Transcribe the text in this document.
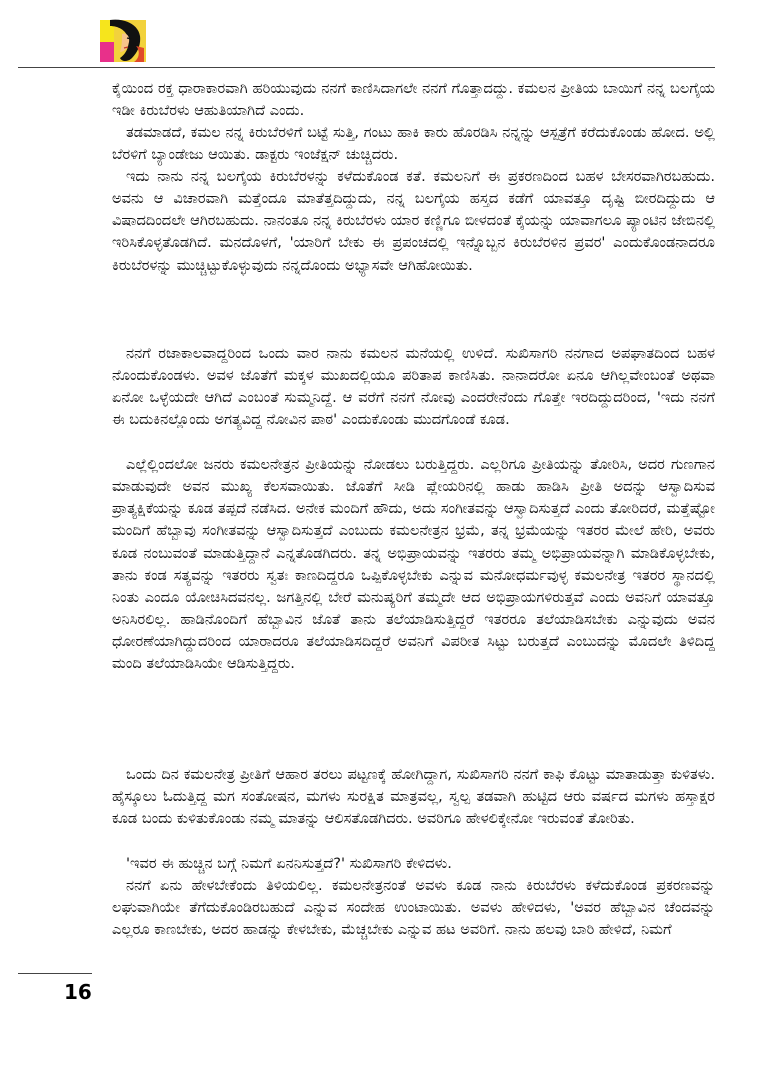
ಕೈಯಿಂದ ರಕ್ತ ಧಾರಾಕಾರವಾಗಿ ಹರಿಯುವುದು ನನಗೆ ಕಾಣಿಸಿದಾಗಲೇ ನನಗೆ ಗೊತ್ತಾದದ್ದು. ಕಮಲನ ಪ್ರೀತಿಯ ಬಾಯಿಗೆ ನನ್ನ ಬಲಗೈಯ ಇಡೀ ಕಿರುಬೆರಳು ಆಹುತಿಯಾಗಿದೆ ಎಂದು.

ತಡಮಾಡದೆ, ಕಮಲ ನನ್ನ ಕಿರುಬೆರಳಿಗೆ ಬಟ್ಟೆ ಸುತ್ತಿ, ಗಂಟು ಹಾಕಿ ಕಾರು ಹೊರಡಿಸಿ ನನ್ನನ್ನು ಆಸ್ಪತ್ರೆಗೆ ಕರೆದುಕೊಂಡು ಹೋದ. ಅಲ್ಲಿ ಬೆರಳಿಗೆ ಬ್ಯಾಂಡೇಜು ಆಯಿತು. ಡಾಕ್ಟರು ಇಂಜೆಕ್ಷನ್ ಚುಚ್ಚಿದರು.

ಇದು ನಾನು ನನ್ನ ಬಲಗೈಯ ಕಿರುಬೆರಳನ್ನು ಕಳೆದುಕೊಂಡ ಕತೆ. ಕಮಲನಿಗೆ ಈ ಪ್ರಕರಣದಿಂದ ಬಹಳ ಬೇಸರವಾಗಿರಬಹುದು. ಅವನು ಆ ವಿಚಾರವಾಗಿ ಮತ್ತೆಂದೂ ಮಾತೆತ್ತದಿದ್ದುದು, ನನ್ನ ಬಲಗೈಯ ಹಸ್ತದ ಕಡೆಗೆ ಯಾವತ್ತೂ ದೃಷ್ಟಿ ಬೀರದಿದ್ದುದು ಆ ವಿಷಾದದಿಂದಲೇ ಆಗಿರಬಹುದು. ನಾನಂತೂ ನನ್ನ ಕಿರುಬೆರಳು ಯಾರ ಕಣ್ಣಿಗೂ ಬೀಳದಂತೆ ಕೈಯನ್ನು ಯಾವಾಗಲೂ ಪ್ಯಾಂಟಿನ ಜೇಬಿನಲ್ಲಿ ಇರಿಸಿಕೊಳ್ಳತೊಡಗಿದೆ. ಮನದೊಳಗೆ, 'ಯಾರಿಗೆ ಬೇಕು ಈ ಪ್ರಪಂಚದಲ್ಲಿ ಇನ್ನೊಬ್ಬನ ಕಿರುಬೆರಳಿನ ಪ್ರವರ' ಎಂದುಕೊಂಡನಾದರೂ ಕಿರುಬೆರಳನ್ನು ಮುಚ್ಚಿಟ್ಟುಕೊಳ್ಳುವುದು ನನ್ನದೊಂದು ಅಭ್ಯಾಸವೇ ಆಗಿಹೋಯಿತು.

ನನಗೆ ರಜಾಕಾಲವಾದ್ದರಿಂದ ಒಂದು ವಾರ ನಾನು ಕಮಲನ ಮನೆಯಲ್ಲಿ ಉಳಿದೆ. ಸುಖಿಸಾಗರಿ ನನಗಾದ ಅಪಘಾತದಿಂದ ಬಹಳ ನೊಂದುಕೊಂಡಳು. ಅವಳ ಜೊತೆಗೆ ಮಕ್ಕಳ ಮುಖದಲ್ಲಿಯೂ ಪರಿತಾಪ ಕಾಣಿಸಿತು. ನಾನಾದರೋ ಏನೂ ಆಗಿಲ್ಲವೇಂಬಂತೆ ಅಥವಾ ಏನೋ ಒಳ್ಳೆಯದೇ ಆಗಿದೆ ಎಂಬಂತೆ ಸುಮ್ಮನಿದ್ದೆ. ಆ ವರೆಗೆ ನನಗೆ ನೋವು ಎಂದರೇನೆಂದು ಗೊತ್ತೇ ಇರದಿದ್ದುದರಿಂದ, 'ಇದು ನನಗೆ ಈ ಬದುಕಿನಲ್ಲೊಂದು ಅಗತ್ಯವಿದ್ದ ನೋವಿನ ಪಾಠ' ಎಂದುಕೊಂಡು ಮುದಗೊಂಡೆ ಕೂಡ.

ಎಲ್ಲೆಲ್ಲಿಂದಲೋ ಜನರು ಕಮಲನೇತ್ರನ ಪ್ರೀತಿಯನ್ನು ನೋಡಲು ಬರುತ್ತಿದ್ದರು. ಎಲ್ಲರಿಗೂ ಪ್ರೀತಿಯನ್ನು ತೋರಿಸಿ, ಅದರ ಗುಣಗಾನ ಮಾಡುವುದೇ ಅವನ ಮುಖ್ಯ ಕೆಲಸವಾಯಿತು. ಜೊತೆಗೆ ಸೀಡಿ ಪ್ಲೇಯರಿನಲ್ಲಿ ಹಾಡು ಹಾಡಿಸಿ ಪ್ರೀತಿ ಅದನ್ನು ಆಸ್ವಾದಿಸುವ ಪ್ರಾತ್ಯಕ್ಷಿಕೆಯನ್ನು ಕೂಡ ತಪ್ಪದೆ ನಡೆಸಿದ. ಅನೇಕ ಮಂದಿಗೆ ಹೌದು, ಅದು ಸಂಗೀತವನ್ನು ಆಸ್ವಾದಿಸುತ್ತದೆ ಎಂದು ತೋರಿದರೆ, ಮತ್ತೆಷ್ಟೋ ಮಂದಿಗೆ ಹೆಬ್ಬಾವು ಸಂಗೀತವನ್ನು ಆಸ್ವಾದಿಸುತ್ತದೆ ಎಂಬುದು ಕಮಲನೇತ್ರನ ಭ್ರಮೆ, ತನ್ನ ಭ್ರಮೆಯನ್ನು ಇತರರ ಮೇಲೆ ಹೇರಿ, ಅವರು ಕೂಡ ನಂಬುವಂತೆ ಮಾಡುತ್ತಿದ್ದಾನೆ ಎನ್ನತೊಡಗಿದರು. ತನ್ನ ಅಭಿಪ್ರಾಯವನ್ನು ಇತರರು ತಮ್ಮ ಅಭಿಪ್ರಾಯವನ್ನಾಗಿ ಮಾಡಿಕೊಳ್ಳಬೇಕು, ತಾನು ಕಂಡ ಸತ್ಯವನ್ನು ಇತರರು ಸ್ವತಃ ಕಾಣದಿದ್ದರೂ ಒಪ್ಪಿಕೊಳ್ಳಬೇಕು ಎನ್ನುವ ಮನೋಧರ್ಮವುಳ್ಳ ಕಮಲನೇತ್ರ ಇತರರ ಸ್ಥಾನದಲ್ಲಿ ನಿಂತು ಎಂದೂ ಯೋಚಿಸಿದವನಲ್ಲ. ಜಗತ್ತಿನಲ್ಲಿ ಬೇರೆ ಮನುಷ್ಯರಿಗೆ ತಮ್ಮದೇ ಆದ ಅಭಿಪ್ರಾಯಗಳಿರುತ್ತವೆ ಎಂದು ಅವನಿಗೆ ಯಾವತ್ತೂ ಅನಿಸಿರಲಿಲ್ಲ. ಹಾಡಿನೊಂದಿಗೆ ಹೆಬ್ಬಾವಿನ ಜೊತೆ ತಾನು ತಲೆಯಾಡಿಸುತ್ತಿದ್ದರೆ ಇತರರೂ ತಲೆಯಾಡಿಸಬೇಕು ಎನ್ನುವುದು ಅವನ ಧೋರಣೆಯಾಗಿದ್ದುದರಿಂದ ಯಾರಾದರೂ ತಲೆಯಾಡಿಸದಿದ್ದರೆ ಅವನಿಗೆ ವಿಪರೀತ ಸಿಟ್ಟು ಬರುತ್ತದೆ ಎಂಬುದನ್ನು ಮೊದಲೇ ತಿಳಿದಿದ್ದ ಮಂದಿ ತಲೆಯಾಡಿಸಿಯೇ ಆಡಿಸುತ್ತಿದ್ದರು.

ಒಂದು ದಿನ ಕಮಲನೇತ್ರ ಪ್ರೀತಿಗೆ ಆಹಾರ ತರಲು ಪಟ್ಟಣಕ್ಕೆ ಹೋಗಿದ್ದಾಗ, ಸುಖಿಸಾಗರಿ ನನಗೆ ಕಾಫಿ ಕೊಟ್ಟು ಮಾತಾಡುತ್ತಾ ಕುಳಿತಳು. ಹೈಸ್ಕೂಲು ಓದುತ್ತಿದ್ದ ಮಗ ಸಂತೋಷನ, ಮಗಳು ಸುರಕ್ಷಿತ ಮಾತ್ರವಲ್ಲ, ಸ್ವಲ್ಪ ತಡವಾಗಿ ಹುಟ್ಟಿದ ಆರು ವರ್ಷದ ಮಗಳು ಹಸ್ತಾಕ್ಷರ ಕೂಡ ಬಂದು ಕುಳಿತುಕೊಂಡು ನಮ್ಮ ಮಾತನ್ನು ಆಲಿಸತೊಡಗಿದರು. ಅವರಿಗೂ ಹೇಳಲಿಕ್ಕೇನೋ ಇರುವಂತೆ ತೋರಿತು.

'ಇವರ ಈ ಹುಚ್ಚಿನ ಬಗ್ಗೆ ನಿಮಗೆ ಏನನಿಸುತ್ತದೆ?' ಸುಖಿಸಾಗರಿ ಕೇಳಿದಳು.

ನನಗೆ ಏನು ಹೇಳಬೇಕೆಂದು ತಿಳಿಯಲಿಲ್ಲ. ಕಮಲನೇತ್ರನಂತೆ ಅವಳು ಕೂಡ ನಾನು ಕಿರುಬೆರಳು ಕಳೆದುಕೊಂಡ ಪ್ರಕರಣವನ್ನು ಲಘುವಾಗಿಯೇ ತೆಗೆದುಕೊಂಡಿರಬಹುದೆ ಎನ್ನುವ ಸಂದೇಹ ಉಂಟಾಯಿತು. ಅವಳು ಹೇಳಿದಳು, 'ಅವರ ಹೆಬ್ಬಾವಿನ ಚೆಂದವನ್ನು ಎಲ್ಲರೂ ಕಾಣಬೇಕು, ಅದರ ಹಾಡನ್ನು ಕೇಳಬೇಕು, ಮೆಚ್ಚಬೇಕು ಎನ್ನುವ ಹಟ ಅವರಿಗೆ. ನಾನು ಹಲವು ಬಾರಿ ಹೇಳಿದೆ, ನಿಮಗೆ

16
